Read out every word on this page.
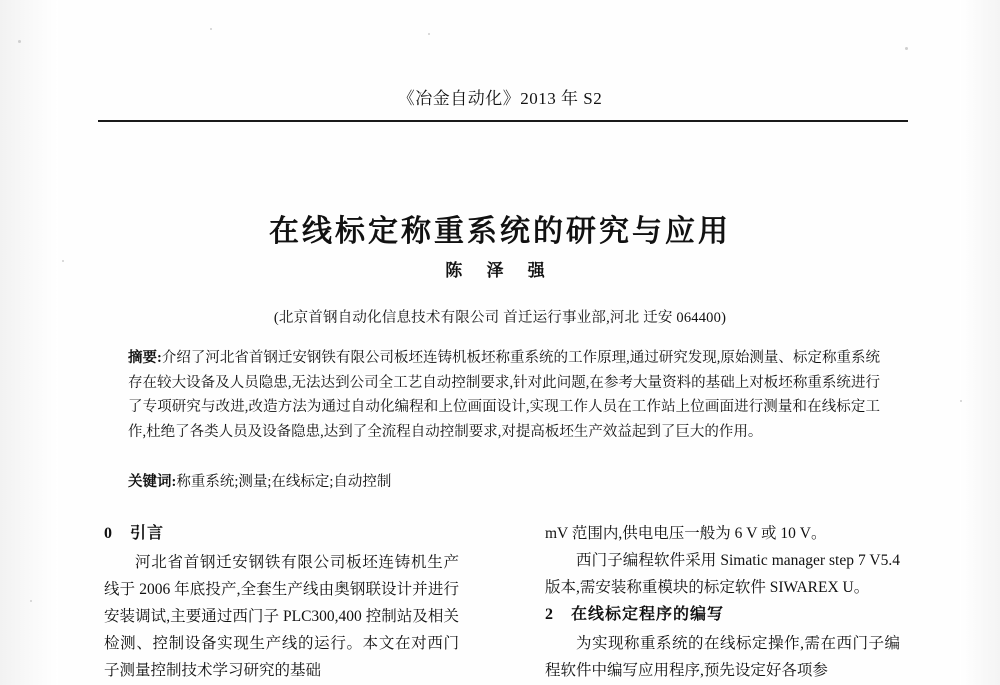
《冶金自动化》2013 年 S2
在线标定称重系统的研究与应用
陈 泽 强
(北京首钢自动化信息技术有限公司 首迁运行事业部,河北 迁安 064400)
摘要:介绍了河北省首钢迁安钢铁有限公司板坯连铸机板坯称重系统的工作原理,通过研究发现,原始测量、标定称重系统存在较大设备及人员隐患,无法达到公司全工艺自动控制要求,针对此问题,在参考大量资料的基础上对板坯称重系统进行了专项研究与改进,改造方法为通过自动化编程和上位画面设计,实现工作人员在工作站上位画面进行测量和在线标定工作,杜绝了各类人员及设备隐患,达到了全流程自动控制要求,对提高板坯生产效益起到了巨大的作用。
关键词:称重系统;测量;在线标定;自动控制
0 引言

河北省首钢迁安钢铁有限公司板坯连铸机生产线于 2006 年底投产,全套生产线由奥钢联设计并进行安装调试,主要通过西门子 PLC300,400 控制站及相关检测、控制设备实现生产线的运行。本文在对西门子测量控制技术学习研究的基础

mV 范围内,供电电压一般为 6 V 或 10 V。

西门子编程软件采用 Simatic manager step 7 V5.4 版本,需安装称重模块的标定软件 SIWAREX U。

2 在线标定程序的编写

为实现称重系统的在线标定操作,需在西门子编程软件中编写应用程序,预先设定好各项参
